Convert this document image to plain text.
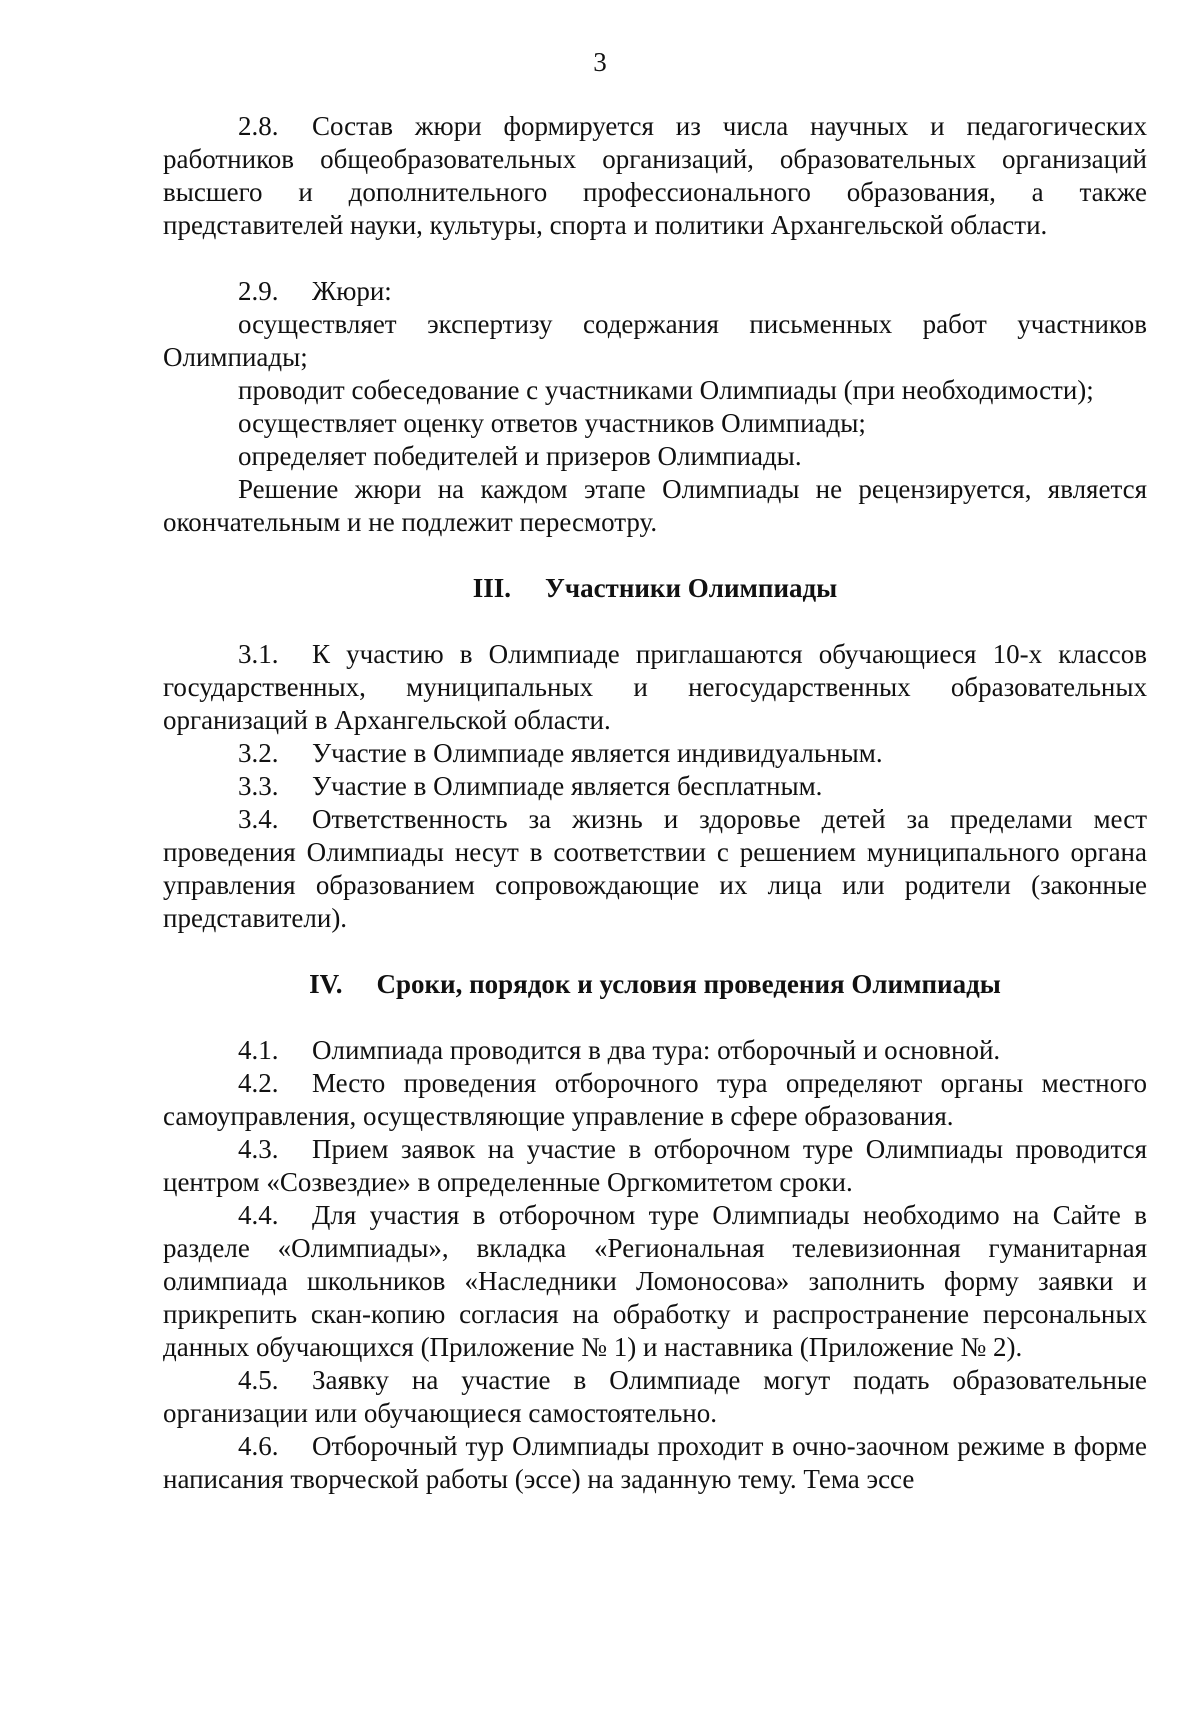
3

2.8. Состав жюри формируется из числа научных и педагогических работников общеобразовательных организаций, образовательных организаций высшего и дополнительного профессионального образования, а также представителей науки, культуры, спорта и политики Архангельской области.

2.9. Жюри:

осуществляет экспертизу содержания письменных работ участников Олимпиады;

проводит собеседование с участниками Олимпиады (при необходимости);

осуществляет оценку ответов участников Олимпиады;

определяет победителей и призеров Олимпиады.

Решение жюри на каждом этапе Олимпиады не рецензируется, является окончательным и не подлежит пересмотру.

III. Участники Олимпиады

3.1. К участию в Олимпиаде приглашаются обучающиеся 10-х классов государственных, муниципальных и негосударственных образовательных организаций в Архангельской области.

3.2. Участие в Олимпиаде является индивидуальным.

3.3. Участие в Олимпиаде является бесплатным.

3.4. Ответственность за жизнь и здоровье детей за пределами мест проведения Олимпиады несут в соответствии с решением муниципального органа управления образованием сопровождающие их лица или родители (законные представители).

IV. Сроки, порядок и условия проведения Олимпиады

4.1. Олимпиада проводится в два тура: отборочный и основной.

4.2. Место проведения отборочного тура определяют органы местного самоуправления, осуществляющие управление в сфере образования.

4.3. Прием заявок на участие в отборочном туре Олимпиады проводится центром «Созвездие» в определенные Оргкомитетом сроки.

4.4. Для участия в отборочном туре Олимпиады необходимо на Сайте в разделе «Олимпиады», вкладка «Региональная телевизионная гуманитарная олимпиада школьников «Наследники Ломоносова» заполнить форму заявки и прикрепить скан-копию согласия на обработку и распространение персональных данных обучающихся (Приложение № 1) и наставника (Приложение № 2).

4.5. Заявку на участие в Олимпиаде могут подать образовательные организации или обучающиеся самостоятельно.

4.6. Отборочный тур Олимпиады проходит в очно-заочном режиме в форме написания творческой работы (эссе) на заданную тему. Тема эссе
